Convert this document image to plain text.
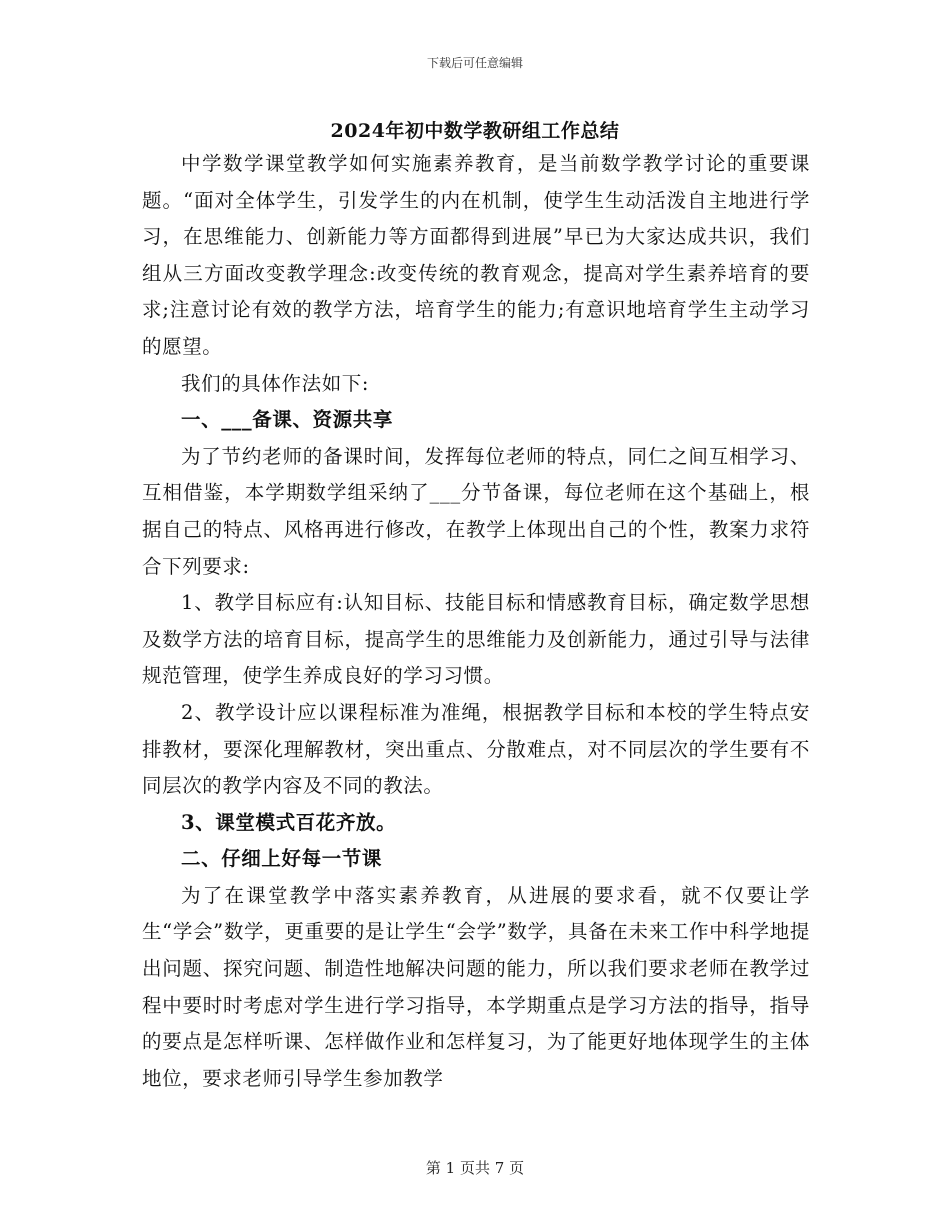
下载后可任意编辑
2024年初中数学教研组工作总结

中学数学课堂教学如何实施素养教育，是当前数学教学讨论的重要课题。“面对全体学生，引发学生的内在机制，使学生生动活泼自主地进行学习，在思维能力、创新能力等方面都得到进展”早已为大家达成共识，我们组从三方面改变教学理念:改变传统的教育观念，提高对学生素养培育的要求;注意讨论有效的教学方法，培育学生的能力;有意识地培育学生主动学习的愿望。

我们的具体作法如下:

一、___备课、资源共享

为了节约老师的备课时间，发挥每位老师的特点，同仁之间互相学习、互相借鉴，本学期数学组采纳了___分节备课，每位老师在这个基础上，根据自己的特点、风格再进行修改，在教学上体现出自己的个性，教案力求符合下列要求:

1、教学目标应有:认知目标、技能目标和情感教育目标，确定数学思想及数学方法的培育目标，提高学生的思维能力及创新能力，通过引导与法律规范管理，使学生养成良好的学习习惯。

2、教学设计应以课程标准为准绳，根据教学目标和本校的学生特点安排教材，要深化理解教材，突出重点、分散难点，对不同层次的学生要有不同层次的教学内容及不同的教法。

3、课堂模式百花齐放。

二、仔细上好每一节课

为了在课堂教学中落实素养教育，从进展的要求看，就不仅要让学生“学会”数学，更重要的是让学生“会学”数学，具备在未来工作中科学地提出问题、探究问题、制造性地解决问题的能力，所以我们要求老师在教学过程中要时时考虑对学生进行学习指导，本学期重点是学习方法的指导，指导的要点是怎样听课、怎样做作业和怎样复习，为了能更好地体现学生的主体地位，要求老师引导学生参加教学

第 1 页共 7 页
